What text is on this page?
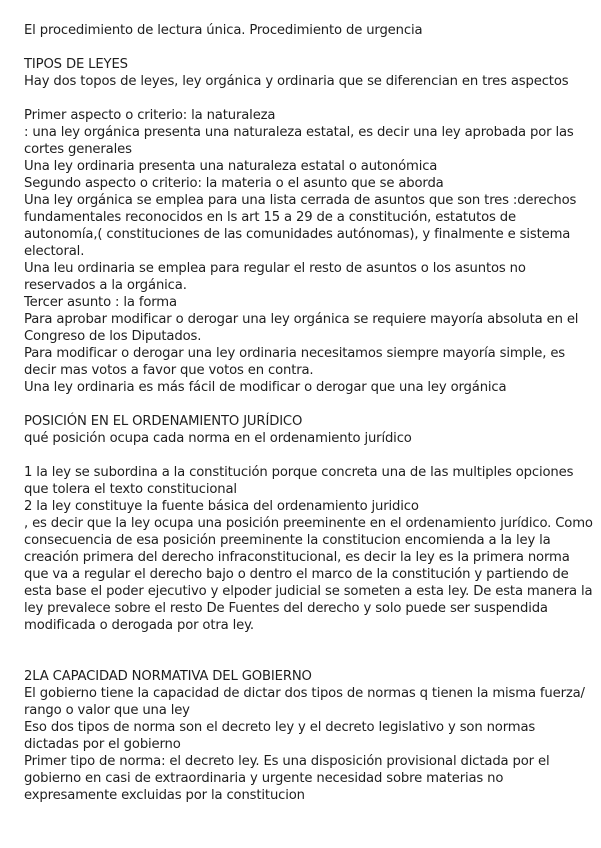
El procedimiento de lectura única. Procedimiento de urgencia
TIPOS DE LEYES
Hay dos topos de leyes, ley orgánica y ordinaria que se diferencian en tres aspectos
Primer aspecto o criterio: la naturaleza
: una ley orgánica presenta una naturaleza estatal, es decir una ley aprobada por las
cortes generales
Una ley ordinaria presenta una naturaleza estatal o autonómica
Segundo aspecto o criterio: la materia o el asunto que se aborda
Una ley orgánica se emplea para una lista cerrada de asuntos que son tres :derechos
fundamentales reconocidos en ls art 15 a 29 de a constitución, estatutos de
autonomía,( constituciones de las comunidades autónomas), y finalmente e sistema
electoral.
Una leu ordinaria se emplea para regular el resto de asuntos o los asuntos no
reservados a la orgánica.
Tercer asunto : la forma
Para aprobar modificar o derogar una ley orgánica se requiere mayoría absoluta en el
Congreso de los Diputados.
Para modificar o derogar una ley ordinaria necesitamos siempre mayoría simple, es
decir mas votos a favor que votos en contra.
Una ley ordinaria es más fácil de modificar o derogar que una ley orgánica
POSICIÓN EN EL ORDENAMIENTO JURÍDICO
qué posición ocupa cada norma en el ordenamiento jurídico
1 la ley se subordina a la constitución porque concreta una de las multiples opciones
que tolera el texto constitucional
2 la ley constituye la fuente básica del ordenamiento juridico
, es decir que la ley ocupa una posición preeminente en el ordenamiento jurídico. Como
consecuencia de esa posición preeminente la constitucion encomienda a la ley la
creación primera del derecho infraconstitucional, es decir la ley es la primera norma
que va a regular el derecho bajo o dentro el marco de la constitución y partiendo de
esta base el poder ejecutivo y elpoder judicial se someten a esta ley. De esta manera la
ley prevalece sobre el resto De Fuentes del derecho y solo puede ser suspendida
modificada o derogada por otra ley.
2LA CAPACIDAD NORMATIVA DEL GOBIERNO
El gobierno tiene la capacidad de dictar dos tipos de normas q tienen la misma fuerza/
rango o valor que una ley
Eso dos tipos de norma son el decreto ley y el decreto legislativo y son normas
dictadas por el gobierno
Primer tipo de norma: el decreto ley. Es una disposición provisional dictada por el
gobierno en casi de extraordinaria y urgente necesidad sobre materias no
expresamente excluidas por la constitucion
